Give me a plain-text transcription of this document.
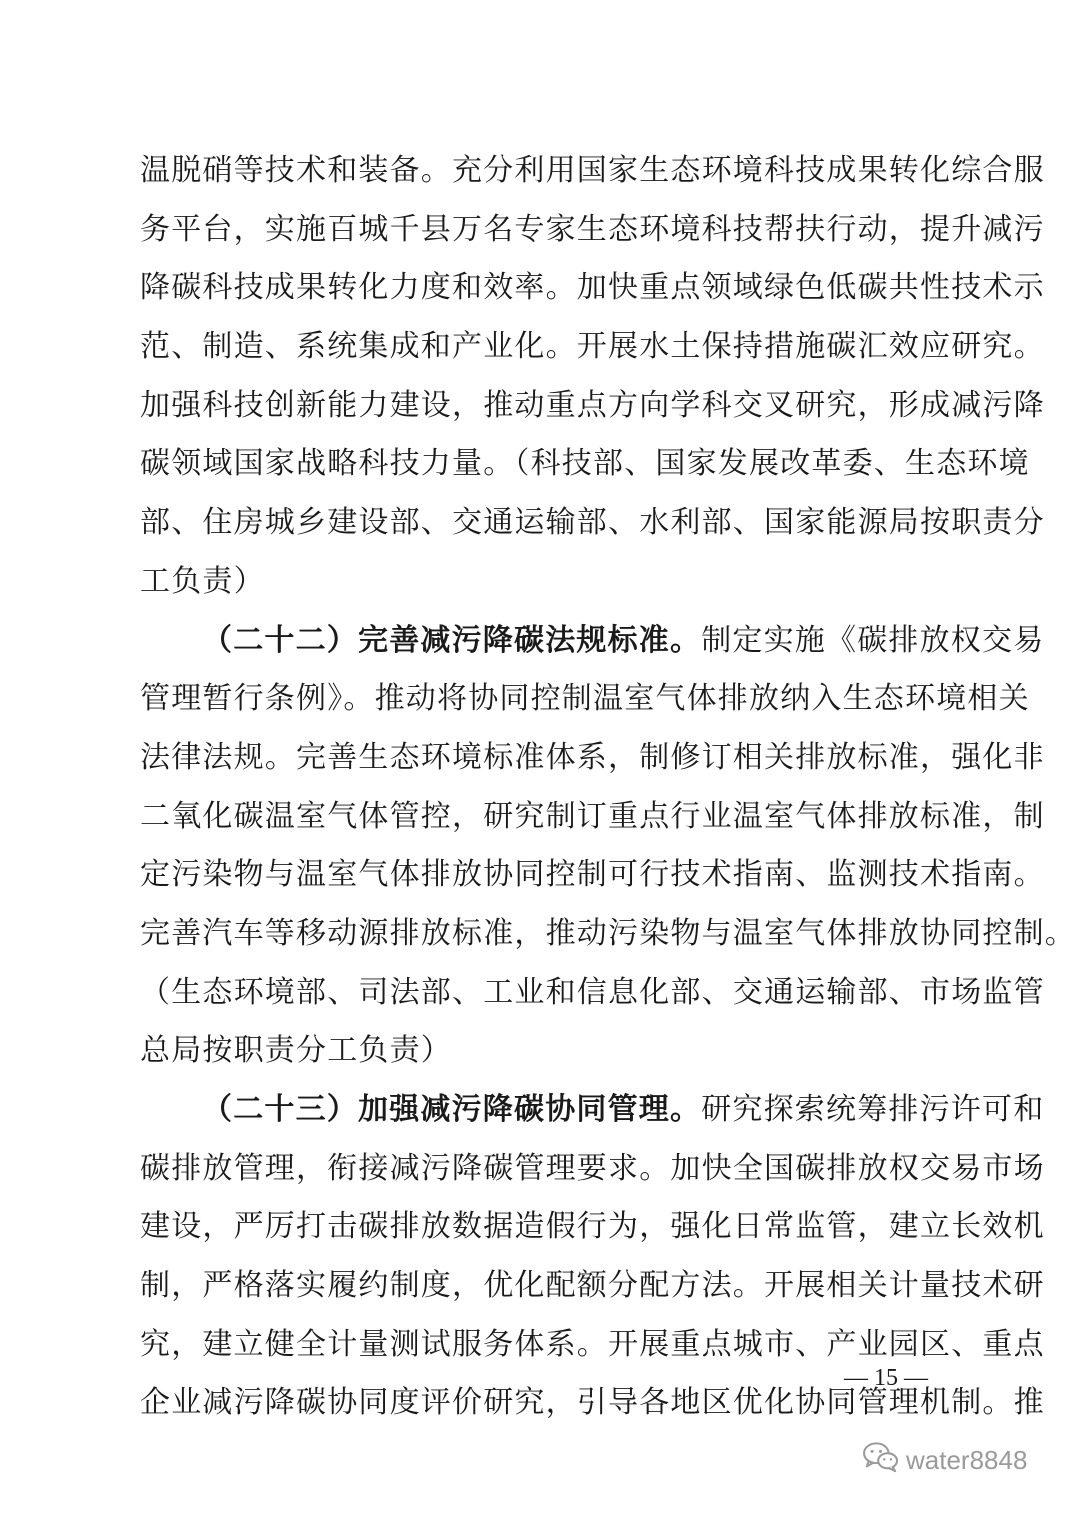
温脱硝等技术和装备。充分利用国家生态环境科技成果转化综合服
务平台，实施百城千县万名专家生态环境科技帮扶行动，提升减污
降碳科技成果转化力度和效率。加快重点领域绿色低碳共性技术示
范、制造、系统集成和产业化。开展水土保持措施碳汇效应研究。
加强科技创新能力建设，推动重点方向学科交叉研究，形成减污降
碳领域国家战略科技力量。（科技部、国家发展改革委、生态环境
部、住房城乡建设部、交通运输部、水利部、国家能源局按职责分
工负责）
（二十二）完善减污降碳法规标准。制定实施《碳排放权交易
管理暂行条例》。推动将协同控制温室气体排放纳入生态环境相关
法律法规。完善生态环境标准体系，制修订相关排放标准，强化非
二氧化碳温室气体管控，研究制订重点行业温室气体排放标准，制
定污染物与温室气体排放协同控制可行技术指南、监测技术指南。
完善汽车等移动源排放标准，推动污染物与温室气体排放协同控制。
（生态环境部、司法部、工业和信息化部、交通运输部、市场监管
总局按职责分工负责）
（二十三）加强减污降碳协同管理。研究探索统筹排污许可和
碳排放管理，衔接减污降碳管理要求。加快全国碳排放权交易市场
建设，严厉打击碳排放数据造假行为，强化日常监管，建立长效机
制，严格落实履约制度，优化配额分配方法。开展相关计量技术研
究，建立健全计量测试服务体系。开展重点城市、产业园区、重点
企业减污降碳协同度评价研究，引导各地区优化协同管理机制。推
— 15 —
water8848
